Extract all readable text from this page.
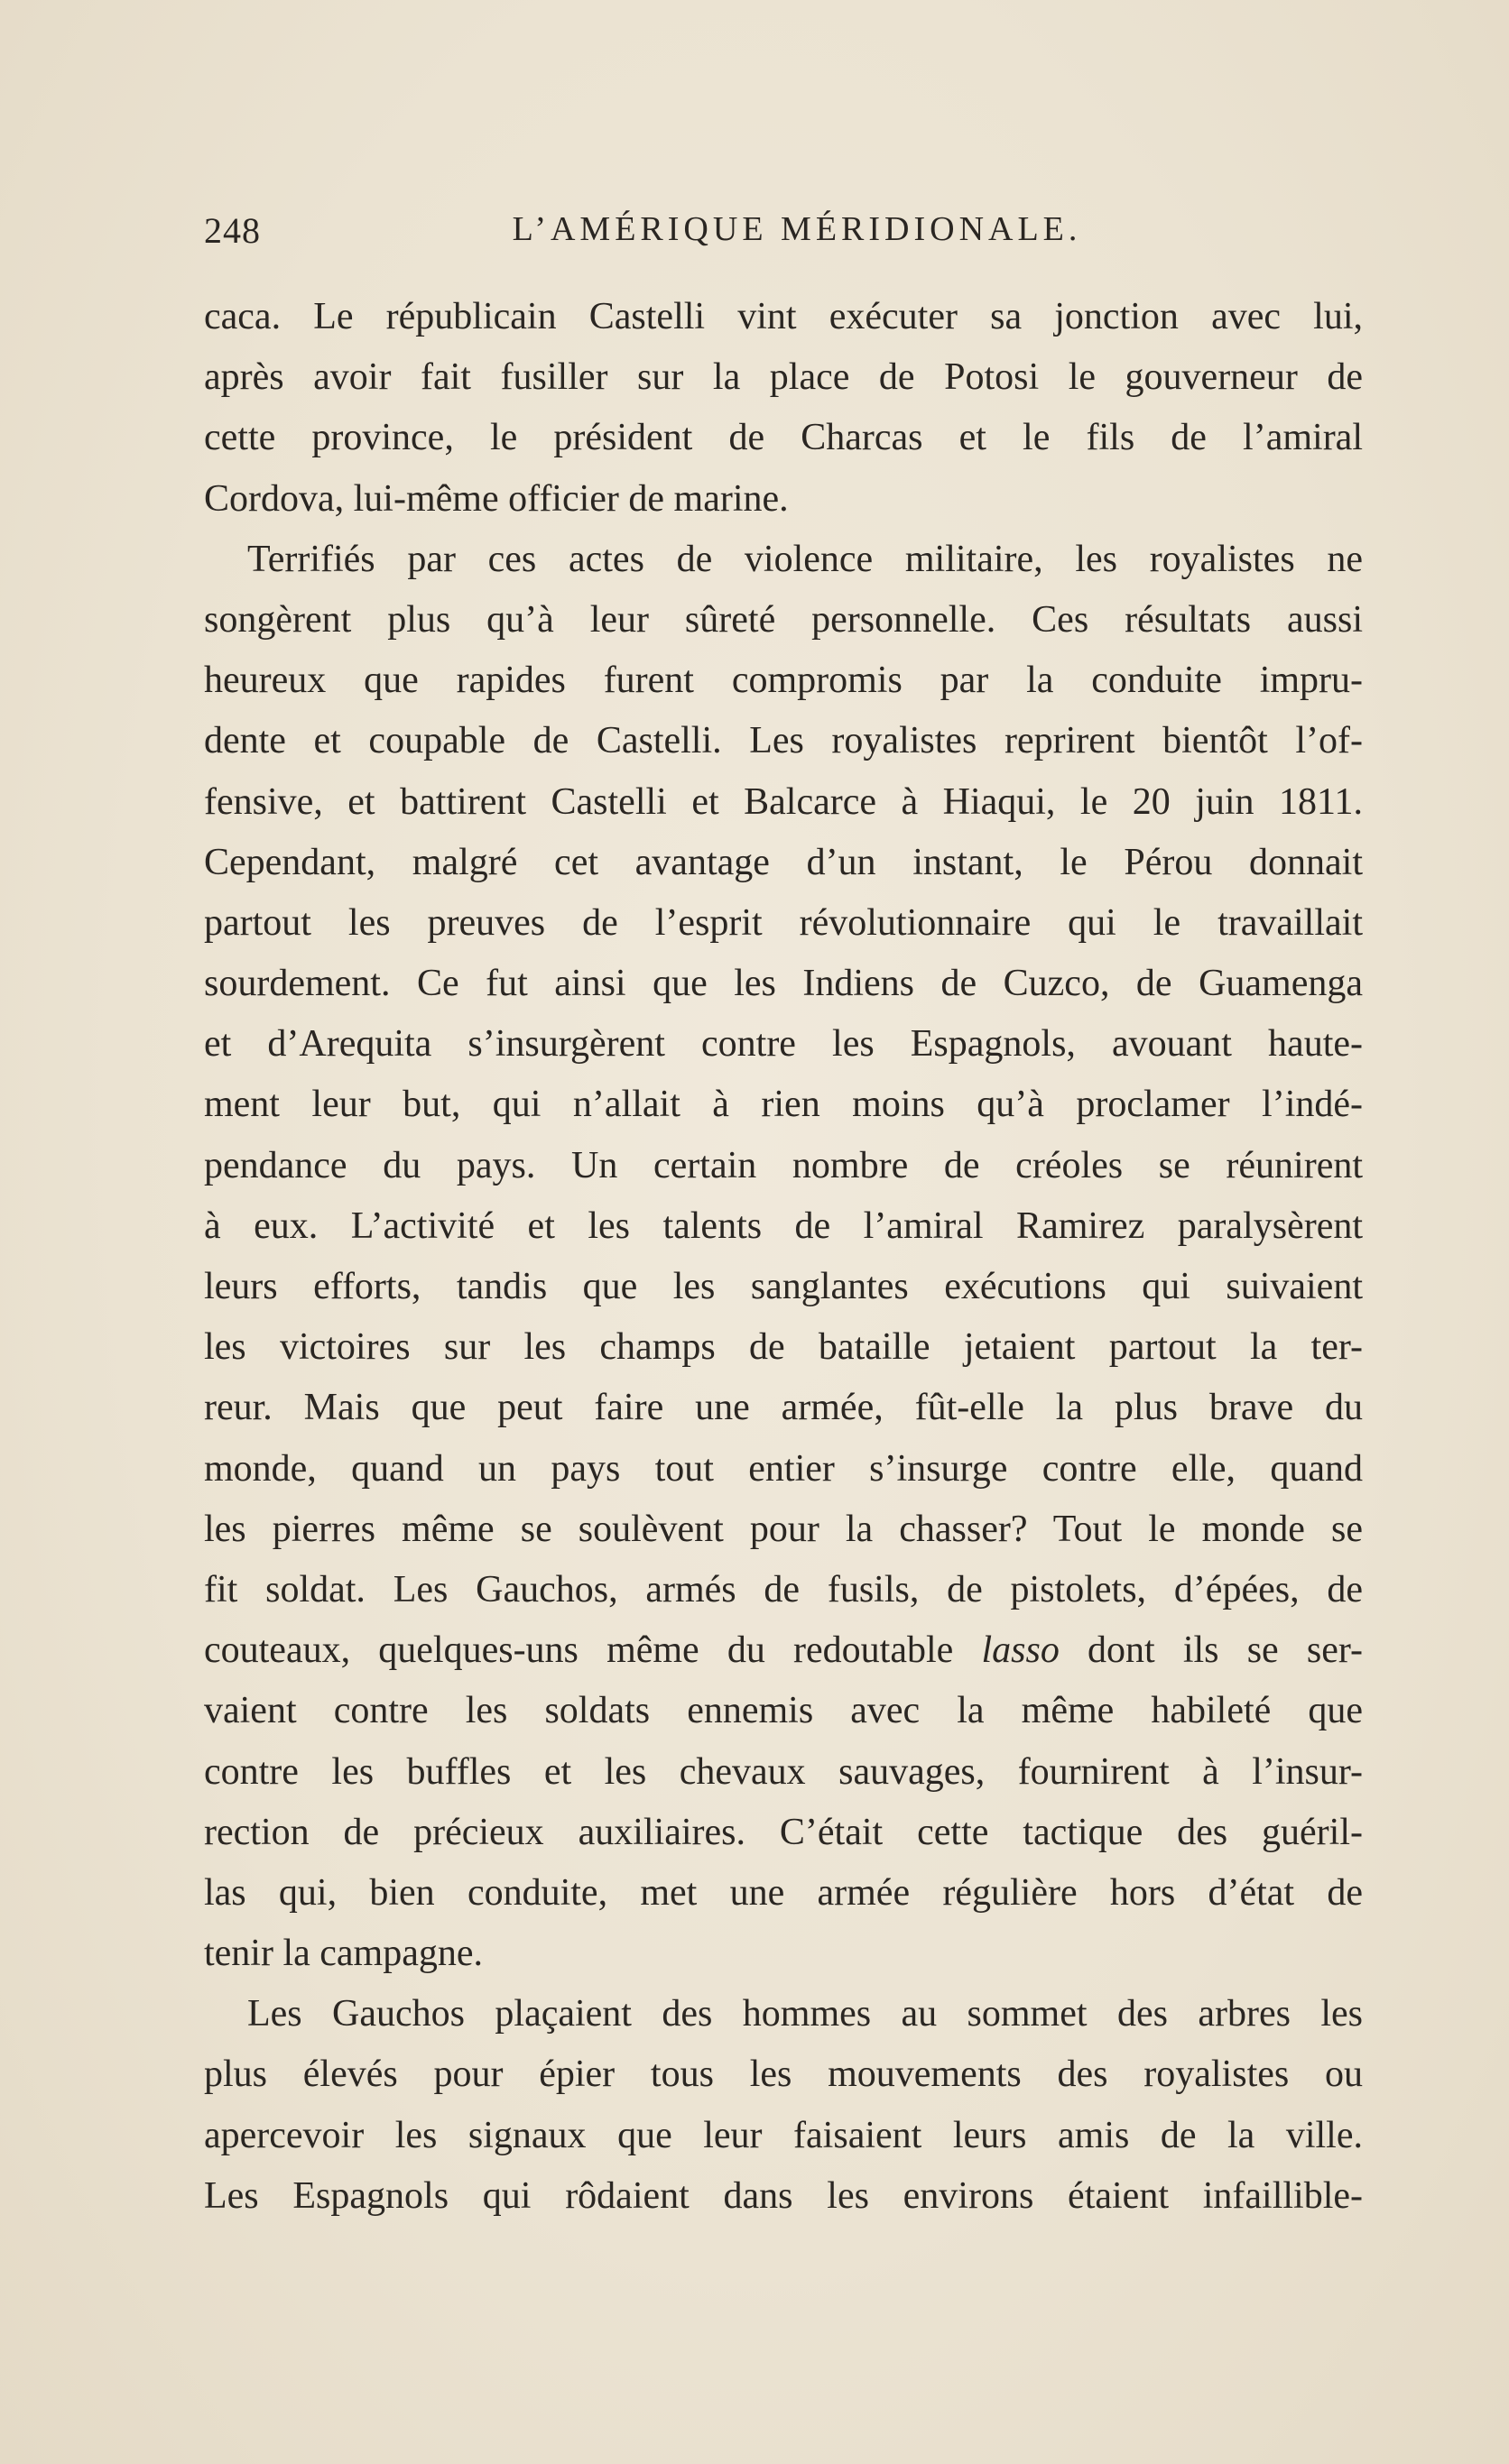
248	L’AMÉRIQUE MÉRIDIONALE.
caca. Le républicain Castelli vint exécuter sa jonction avec lui,
après avoir fait fusiller sur la place de Potosi le gouverneur de
cette province, le président de Charcas et le fils de l’amiral
Cordova, lui-même officier de marine.
Terrifiés par ces actes de violence militaire, les royalistes ne
songèrent plus qu’à leur sûreté personnelle. Ces résultats aussi
heureux que rapides furent compromis par la conduite impru-
dente et coupable de Castelli. Les royalistes reprirent bientôt l’of-
fensive, et battirent Castelli et Balcarce à Hiaqui, le 20 juin 1811.
Cependant, malgré cet avantage d’un instant, le Pérou donnait
partout les preuves de l’esprit révolutionnaire qui le travaillait
sourdement. Ce fut ainsi que les Indiens de Cuzco, de Guamenga
et d’Arequita s’insurgèrent contre les Espagnols, avouant haute-
ment leur but, qui n’allait à rien moins qu’à proclamer l’indé-
pendance du pays. Un certain nombre de créoles se réunirent
à eux. L’activité et les talents de l’amiral Ramirez paralysèrent
leurs efforts, tandis que les sanglantes exécutions qui suivaient
les victoires sur les champs de bataille jetaient partout la ter-
reur. Mais que peut faire une armée, fût-elle la plus brave du
monde, quand un pays tout entier s’insurge contre elle, quand
les pierres même se soulèvent pour la chasser? Tout le monde se
fit soldat. Les Gauchos, armés de fusils, de pistolets, d’épées, de
couteaux, quelques-uns même du redoutable lasso dont ils se ser-
vaient contre les soldats ennemis avec la même habileté que
contre les buffles et les chevaux sauvages, fournirent à l’insur-
rection de précieux auxiliaires. C’était cette tactique des guéril-
las qui, bien conduite, met une armée régulière hors d’état de
tenir la campagne.
Les Gauchos plaçaient des hommes au sommet des arbres les
plus élevés pour épier tous les mouvements des royalistes ou
apercevoir les signaux que leur faisaient leurs amis de la ville.
Les Espagnols qui rôdaient dans les environs étaient infaillible-
